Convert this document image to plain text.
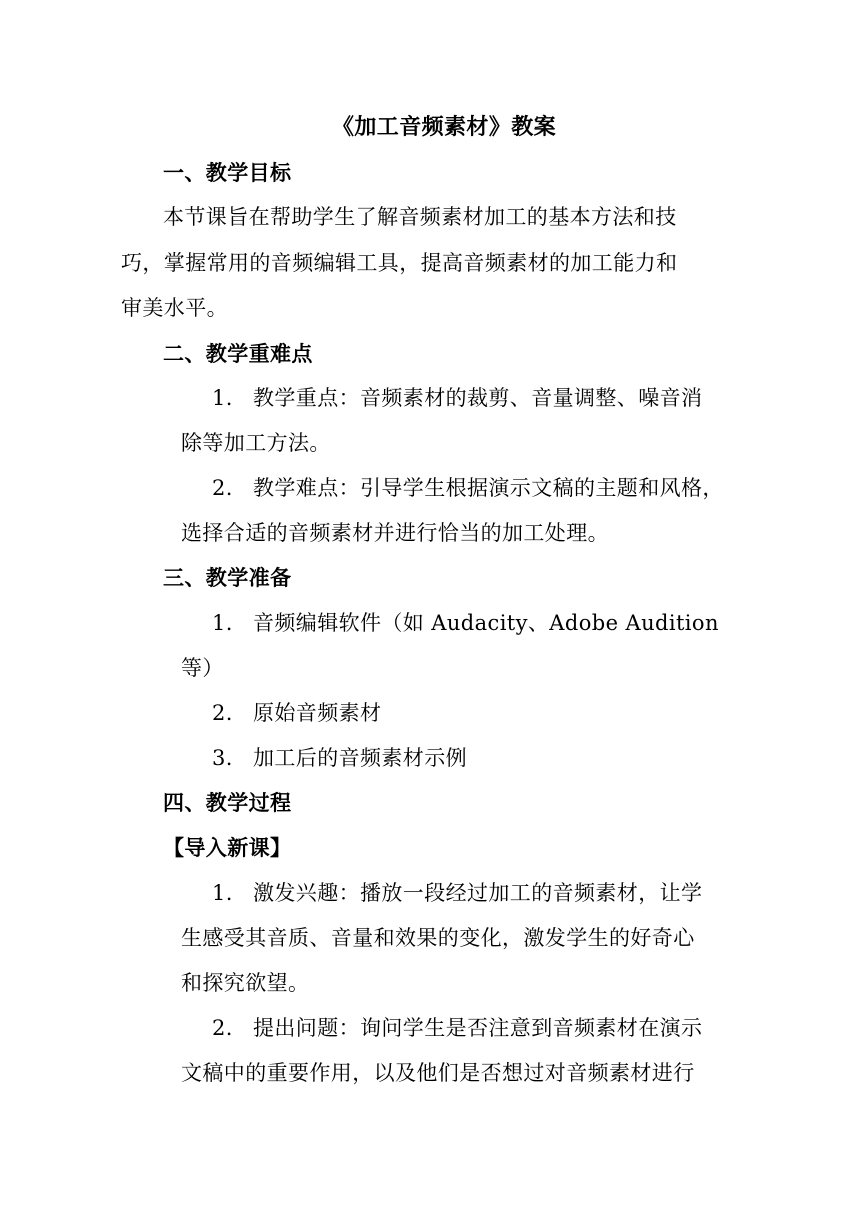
《加工音频素材》教案
一、教学目标
本节课旨在帮助学生了解音频素材加工的基本方法和技
巧，掌握常用的音频编辑工具，提高音频素材的加工能力和
审美水平。
二、教学重难点
1. 教学重点：音频素材的裁剪、音量调整、噪音消
除等加工方法。
2. 教学难点：引导学生根据演示文稿的主题和风格，
选择合适的音频素材并进行恰当的加工处理。
三、教学准备
1. 音频编辑软件（如 Audacity、Adobe Audition
等）
2. 原始音频素材
3. 加工后的音频素材示例
四、教学过程
【导入新课】
1. 激发兴趣：播放一段经过加工的音频素材，让学
生感受其音质、音量和效果的变化，激发学生的好奇心
和探究欲望。
2. 提出问题：询问学生是否注意到音频素材在演示
文稿中的重要作用，以及他们是否想过对音频素材进行
